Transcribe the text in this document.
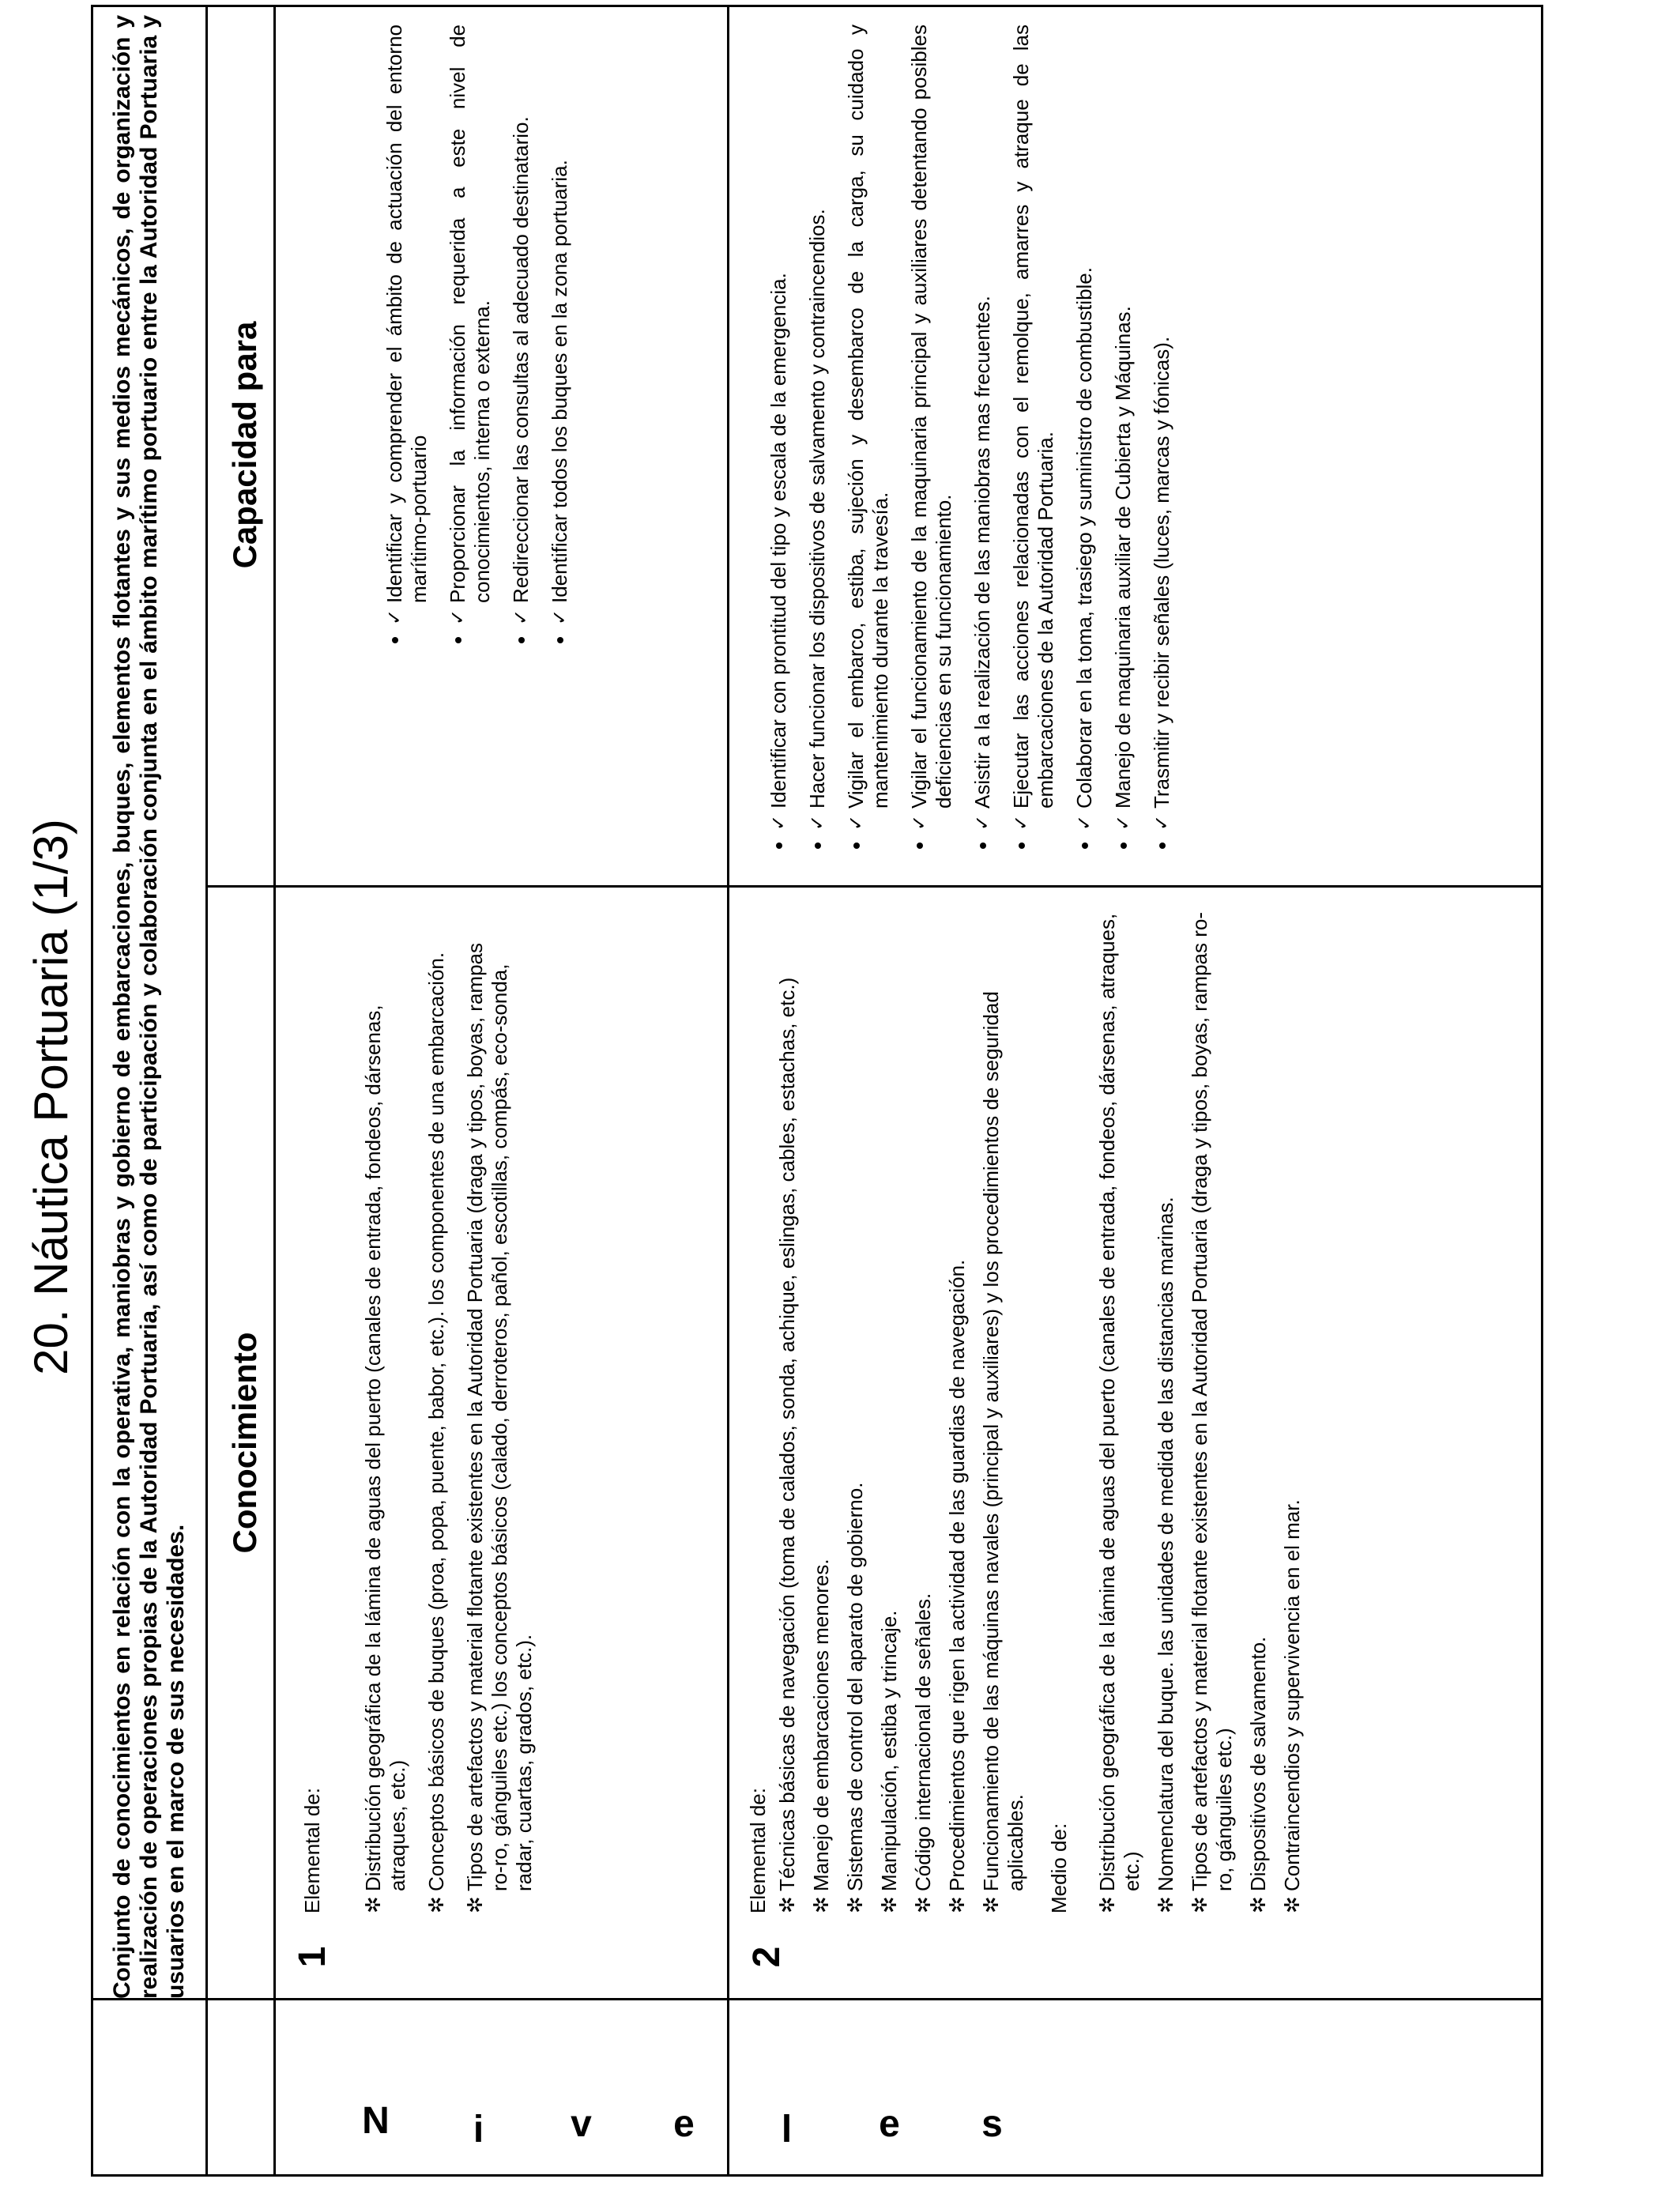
20. Náutica Portuaria (1/3) Conjunto de conocimientos en relación con la operativa, maniobras y gobierno de embarcaciones, buques, elementos flotantes y sus medios mecánicos, de organización y realización de operaciones propias de la Autoridad Portuaria, así como de participación y colaboración conjunta en el ámbito marítimo portuario entre la Autoridad Portuaria y usuarios en el marco de sus necesidades.
Conocimiento
Capacidad para
N i v e l e s
1	2
Elemental de: ✲
Distribución geográfica de la lámina de aguas del puerto (canales de entrada, fondeos, dársenas, atraques, etc.)
✲
Conceptos básicos de buques (proa, popa, puente, babor, etc.). los componentes de una embarcación.
✲
Tipos de artefactos y material flotante existentes en la Autoridad Portuaria (draga y tipos, boyas, rampas ro-ro, gánguiles etc.) los conceptos básicos (calado, derroteros, pañol, escotillas, compás, eco-sonda, radar, cuartas, grados, etc.).
• ✓
Identificar y comprender el ámbito de actuación del entorno marítimo-portuario
• ✓
Proporcionar la información requerida a este nivel de conocimientos, interna o externa.
• ✓
Redireccionar las consultas al adecuado destinatario.
• ✓
Identificar todos los buques en la zona portuaria.
Elemental de: ✲
Técnicas básicas de navegación (toma de calados, sonda, achique, eslingas, cables, estachas, etc.)
✲
Manejo de embarcaciones menores.
✲
Sistemas de control del aparato de gobierno.
✲
Manipulación, estiba y trincaje.
✲
Código internacional de señales.
✲
Procedimientos que rigen la actividad de las guardias de navegación.
✲
Funcionamiento de las máquinas navales (principal y auxiliares) y los procedimientos de seguridad aplicables. Medio de: ✲
Distribución geográfica de la lámina de aguas del puerto (canales de entrada, fondeos, dársenas, atraques, etc.)
✲
Nomenclatura del buque. las unidades de medida de las distancias marinas.
✲
Tipos de artefactos y material flotante existentes en la Autoridad Portuaria (draga y tipos, boyas, rampas ro-ro, gánguiles etc.)
✲
Dispositivos de salvamento.
✲
Contraincendios y supervivencia en el mar.
• ✓
Identificar con prontitud del tipo y escala de la emergencia.
• ✓
Hacer funcionar los dispositivos de salvamento y contraincendios.
• ✓
Vigilar el embarco, estiba, sujeción y desembarco de la carga, su cuidado y mantenimiento durante la travesía.
• ✓
Vigilar el funcionamiento de la maquinaria principal y auxiliares detentando posibles deficiencias en su funcionamiento.
• ✓
Asistir a la realización de las maniobras mas frecuentes.
• ✓
Ejecutar las acciones relacionadas con el remolque, amarres y atraque de las embarcaciones de la Autoridad Portuaria.
• ✓
Colaborar en la toma, trasiego y suministro de combustible.
• ✓
Manejo de maquinaria auxiliar de Cubierta y Máquinas.
• ✓
Trasmitir y recibir señales (luces, marcas y fónicas).
